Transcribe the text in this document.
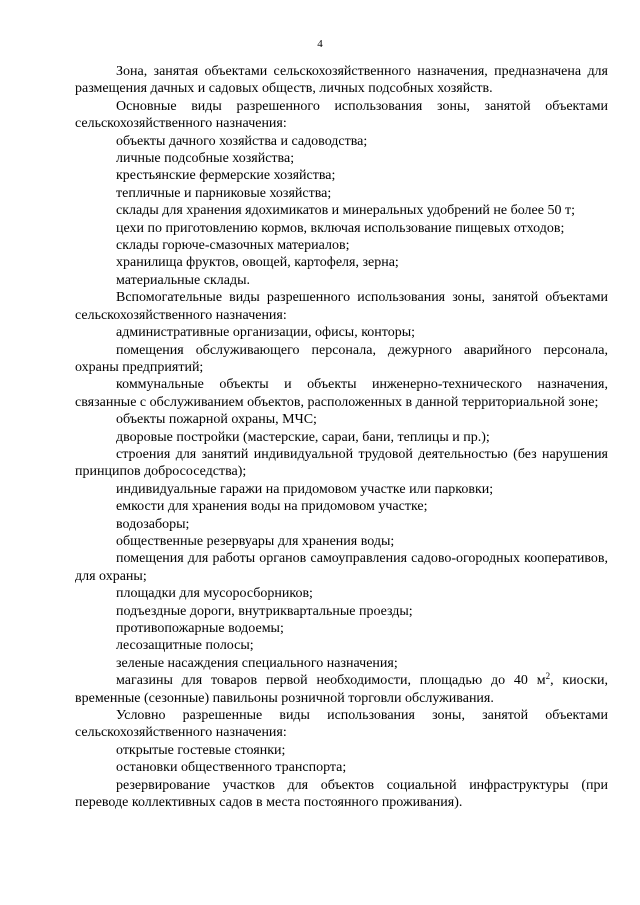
4

Зона, занятая объектами сельскохозяйственного назначения, предназначена для размещения дачных и садовых обществ, личных подсобных хозяйств.

Основные виды разрешенного использования зоны, занятой объектами сельскохозяйственного назначения:

объекты дачного хозяйства и садоводства;

личные подсобные хозяйства;

крестьянские фермерские хозяйства;

тепличные и парниковые хозяйства;

склады для хранения ядохимикатов и минеральных удобрений не более 50 т;

цехи по приготовлению кормов, включая использование пищевых отходов;

склады горюче-смазочных материалов;

хранилища фруктов, овощей, картофеля, зерна;

материальные склады.

Вспомогательные виды разрешенного использования зоны, занятой объектами сельскохозяйственного назначения:

административные организации, офисы, конторы;

помещения обслуживающего персонала, дежурного аварийного персонала, охраны предприятий;

коммунальные объекты и объекты инженерно-технического назначения, связанные с обслуживанием объектов, расположенных в данной территориальной зоне;

объекты пожарной охраны, МЧС;

дворовые постройки (мастерские, сараи, бани, теплицы и пр.);

строения для занятий индивидуальной трудовой деятельностью (без нарушения принципов добрососедства);

индивидуальные гаражи на придомовом участке или парковки;

емкости для хранения воды на придомовом участке;

водозаборы;

общественные резервуары для хранения воды;

помещения для работы органов самоуправления садово-огородных кооперативов, для охраны;

площадки для мусоросборников;

подъездные дороги, внутриквартальные проезды;

противопожарные водоемы;

лесозащитные полосы;

зеленые насаждения специального назначения;

магазины для товаров первой необходимости, площадью до 40 $м^2$, киоски, временные (сезонные) павильоны розничной торговли обслуживания.

Условно разрешенные виды использования зоны, занятой объектами сельскохозяйственного назначения:

открытые гостевые стоянки;

остановки общественного транспорта;

резервирование участков для объектов социальной инфраструктуры (при переводе коллективных садов в места постоянного проживания).
